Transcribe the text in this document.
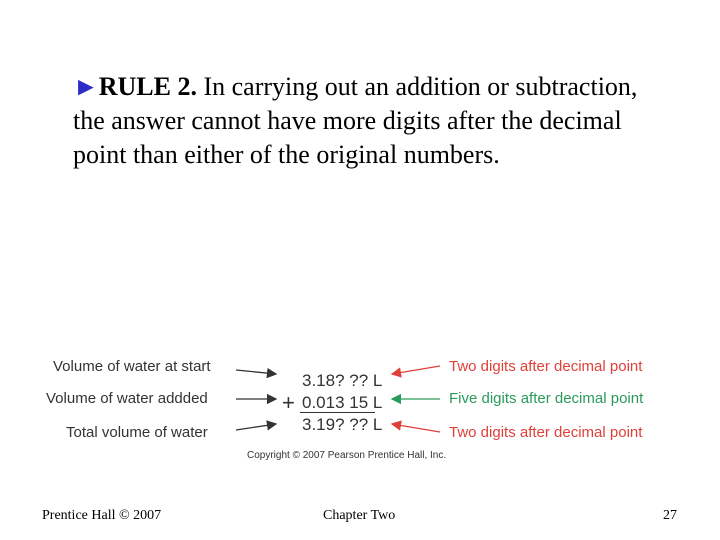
►RULE 2. In carrying out an addition or subtraction, the answer cannot have more digits after the decimal point than either of the original numbers.
Volume of water at start
Volume of water addded
Total volume of water
3.18? ?? L
+ 0.013 15 L
3.19? ?? L
Two digits after decimal point
Five digits after decimal point
Two digits after decimal point
Copyright © 2007 Pearson Prentice Hall, Inc.
Prentice Hall © 2007	Chapter Two	27
